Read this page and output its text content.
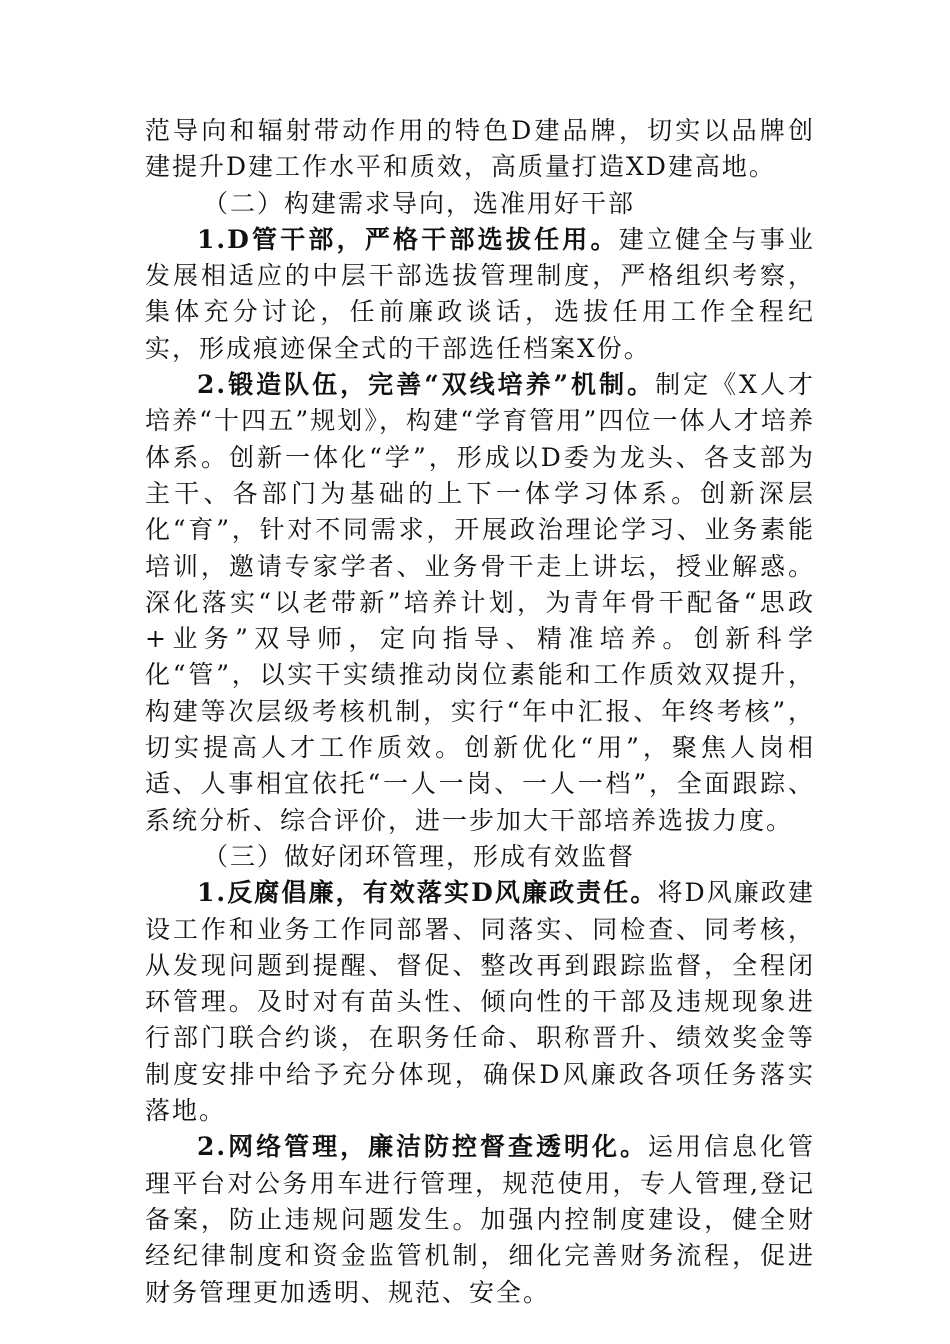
范导向和辐射带动作用的特色D建品牌，切实以品牌创建提升D建工作水平和质效，高质量打造XD建高地。

（二）构建需求导向，选准用好干部

1.D管干部，严格干部选拔任用。建立健全与事业发展相适应的中层干部选拔管理制度，严格组织考察，集体充分讨论，任前廉政谈话，选拔任用工作全程纪实，形成痕迹保全式的干部选任档案X份。

2.锻造队伍，完善“双线培养”机制。制定《X人才培养“十四五”规划》，构建“学育管用”四位一体人才培养体系。创新一体化“学”，形成以D委为龙头、各支部为主干、各部门为基础的上下一体学习体系。创新深层化“育”，针对不同需求，开展政治理论学习、业务素能培训，邀请专家学者、业务骨干走上讲坛，授业解惑。深化落实“以老带新”培养计划，为青年骨干配备“思政+业务”双导师，定向指导、精准培养。创新科学化“管”，以实干实绩推动岗位素能和工作质效双提升，构建等次层级考核机制，实行“年中汇报、年终考核”，切实提高人才工作质效。创新优化“用”，聚焦人岗相适、人事相宜依托“一人一岗、一人一档”，全面跟踪、系统分析、综合评价，进一步加大干部培养选拔力度。

（三）做好闭环管理，形成有效监督

1.反腐倡廉，有效落实D风廉政责任。将D风廉政建设工作和业务工作同部署、同落实、同检查、同考核，从发现问题到提醒、督促、整改再到跟踪监督，全程闭环管理。及时对有苗头性、倾向性的干部及违规现象进行部门联合约谈，在职务任命、职称晋升、绩效奖金等制度安排中给予充分体现，确保D风廉政各项任务落实落地。

2.网络管理，廉洁防控督查透明化。运用信息化管理平台对公务用车进行管理，规范使用，专人管理,登记备案，防止违规问题发生。加强内控制度建设，健全财经纪律制度和资金监管机制，细化完善财务流程，促进财务管理更加透明、规范、安全。
